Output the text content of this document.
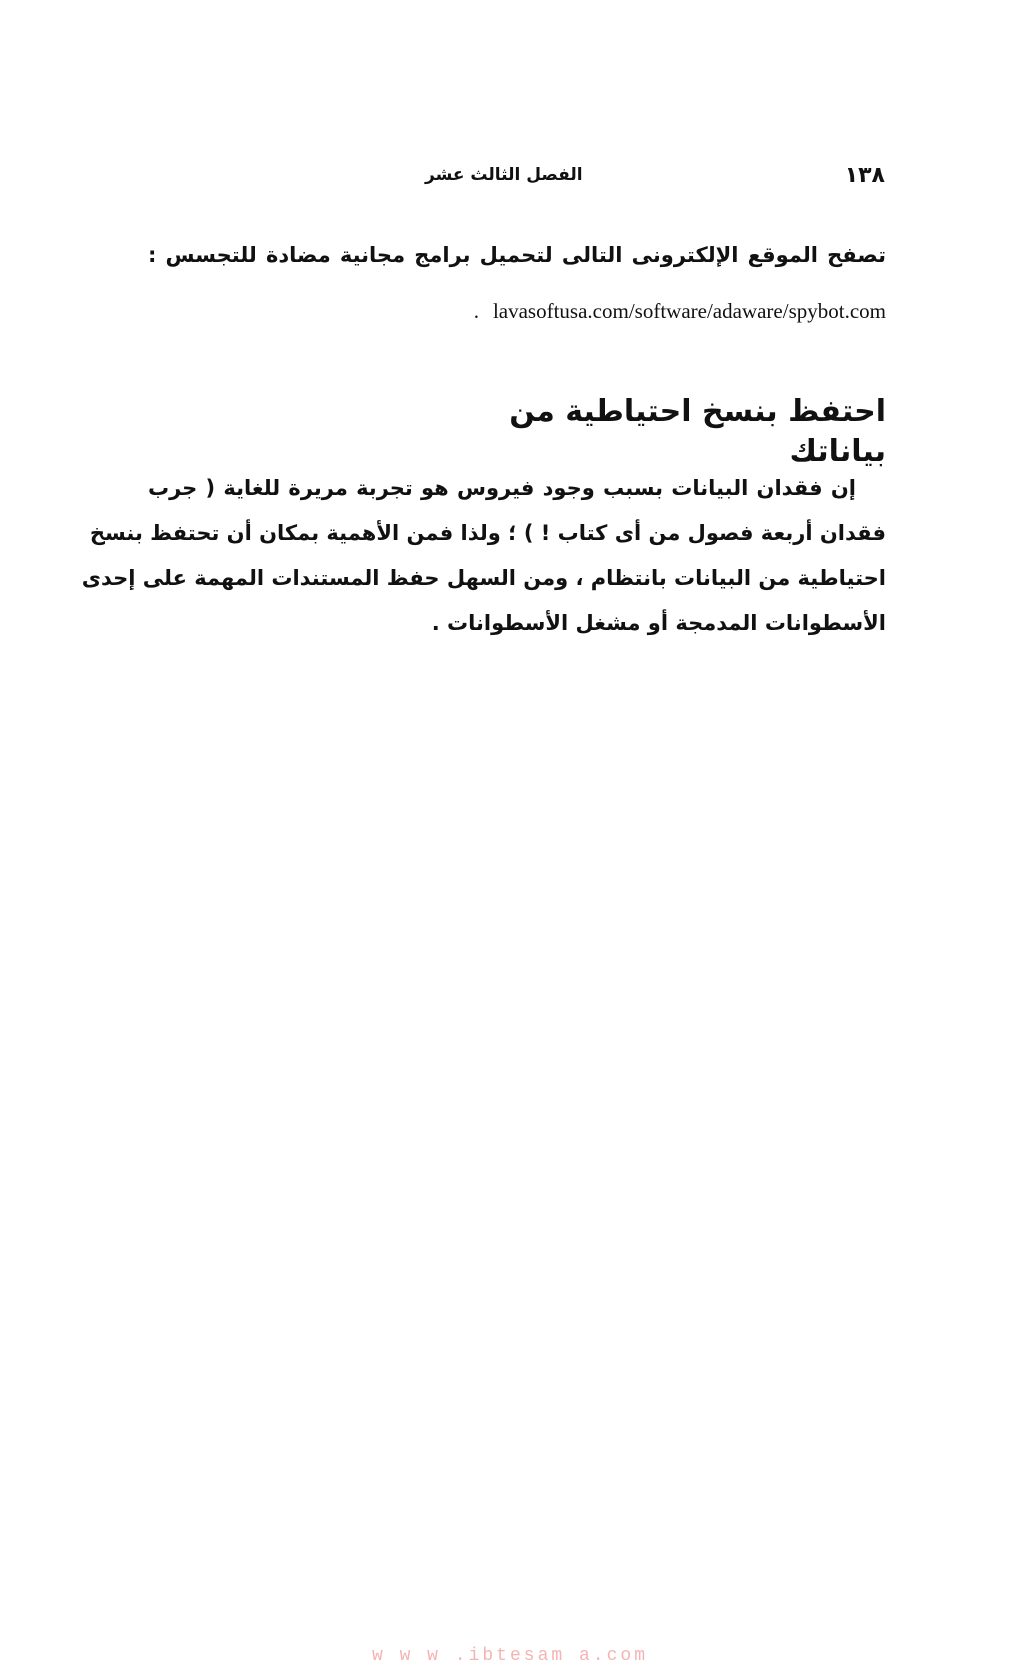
١٣٨
الفصل الثالث عشر
تصفح الموقع الإلكترونى التالى لتحميل برامج مجانية مضادة للتجسس :
. lavasoftusa.com/software/adaware/spybot.com
احتفظ بنسخ احتياطية من بياناتك
إن فقدان البيانات بسبب وجود فيروس هو تجربة مريرة للغاية ( جرب
فقدان أربعة فصول من أى كتاب ! ) ؛ ولذا فمن الأهمية بمكان أن تحتفظ بنسخ
احتياطية من البيانات بانتظام ، ومن السهل حفظ المستندات المهمة على إحدى
الأسطوانات المدمجة أو مشغل الأسطوانات .
w w w .ibtesam a.com
